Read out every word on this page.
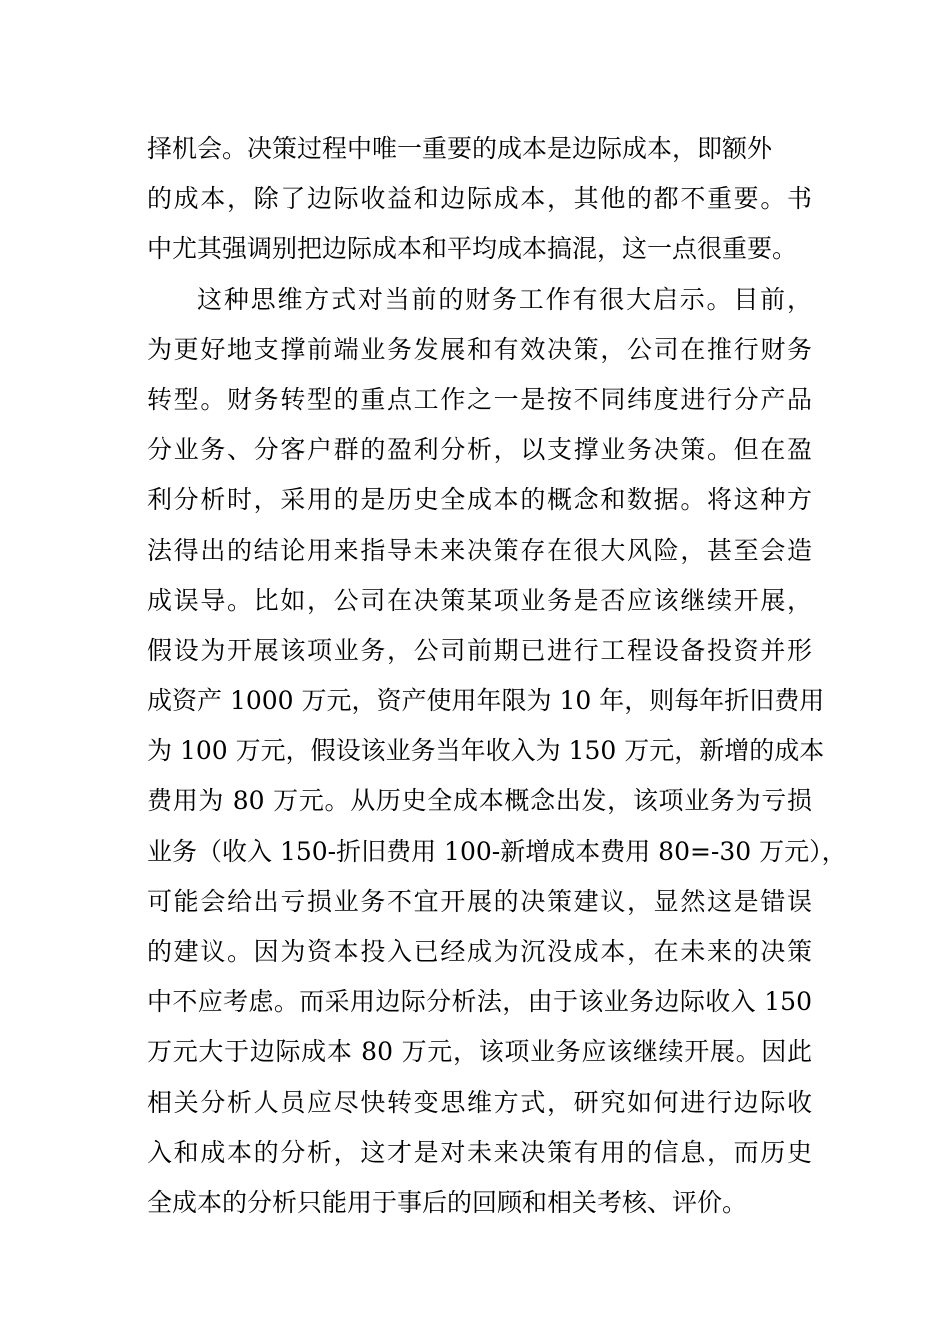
择机会。决策过程中唯一重要的成本是边际成本，即额外
的成本，除了边际收益和边际成本，其他的都不重要。书
中尤其强调别把边际成本和平均成本搞混，这一点很重要。
这种思维方式对当前的财务工作有很大启示。目前，
为更好地支撑前端业务发展和有效决策，公司在推行财务
转型。财务转型的重点工作之一是按不同纬度进行分产品
分业务、分客户群的盈利分析，以支撑业务决策。但在盈
利分析时，采用的是历史全成本的概念和数据。将这种方
法得出的结论用来指导未来决策存在很大风险，甚至会造
成误导。比如，公司在决策某项业务是否应该继续开展，
假设为开展该项业务，公司前期已进行工程设备投资并形
成资产 1000 万元，资产使用年限为 10 年，则每年折旧费用
为 100 万元，假设该业务当年收入为 150 万元，新增的成本
费用为 80 万元。从历史全成本概念出发，该项业务为亏损
业务（收入 150-折旧费用 100-新增成本费用 80=-30 万元），
可能会给出亏损业务不宜开展的决策建议，显然这是错误
的建议。因为资本投入已经成为沉没成本，在未来的决策
中不应考虑。而采用边际分析法，由于该业务边际收入 150
万元大于边际成本 80 万元，该项业务应该继续开展。因此
相关分析人员应尽快转变思维方式，研究如何进行边际收
入和成本的分析，这才是对未来决策有用的信息，而历史
全成本的分析只能用于事后的回顾和相关考核、评价。
